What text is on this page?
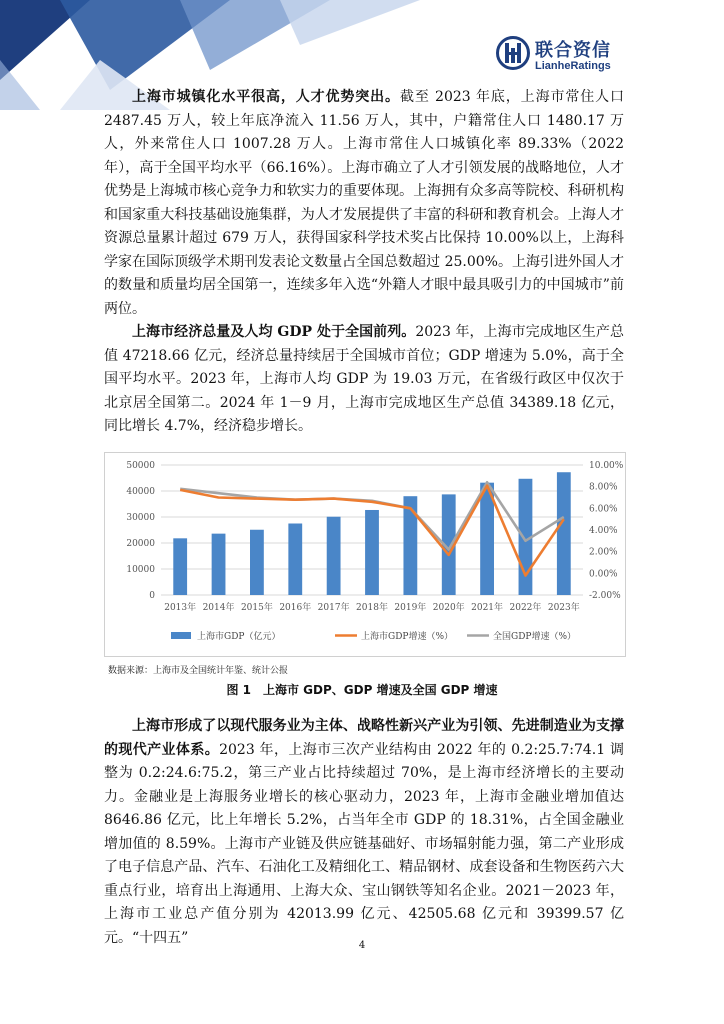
联合资信
LianheRatings

上海市城镇化水平很高，人才优势突出。截至 2023 年底，上海市常住人口 2487.45 万人，较上年底净流入 11.56 万人，其中，户籍常住人口 1480.17 万人，外来常住人口 1007.28 万人。上海市常住人口城镇化率 89.33%（2022 年），高于全国平均水平（66.16%）。上海市确立了人才引领发展的战略地位，人才优势是上海城市核心竞争力和软实力的重要体现。上海拥有众多高等院校、科研机构和国家重大科技基础设施集群，为人才发展提供了丰富的科研和教育机会。上海人才资源总量累计超过 679 万人，获得国家科学技术奖占比保持 10.00%以上，上海科学家在国际顶级学术期刊发表论文数量占全国总数超过 25.00%。上海引进外国人才的数量和质量均居全国第一，连续多年入选“外籍人才眼中最具吸引力的中国城市”前两位。

上海市经济总量及人均 GDP 处于全国前列。2023 年，上海市完成地区生产总值 47218.66 亿元，经济总量持续居于全国城市首位；GDP 增速为 5.0%，高于全国平均水平。2023 年，上海市人均 GDP 为 19.03 万元，在省级行政区中仅次于北京居全国第二。2024 年 1－9 月，上海市完成地区生产总值 34389.18 亿元，同比增长 4.7%，经济稳步增长。

0
10000
20000
30000
40000
50000
-2.00%
0.00%
2.00%
4.00%
6.00%
8.00%
10.00%
2013年 2014年 2015年 2016年 2017年 2018年 2019年 2020年 2021年 2022年 2023年
上海市GDP（亿元）	上海市GDP增速（%）	全国GDP增速（%）
数据来源：上海市及全国统计年鉴、统计公报
图 1　上海市 GDP、GDP 增速及全国 GDP 增速

上海市形成了以现代服务业为主体、战略性新兴产业为引领、先进制造业为支撑的现代产业体系。2023 年，上海市三次产业结构由 2022 年的 0.2:25.7:74.1 调整为 0.2:24.6:75.2，第三产业占比持续超过 70%，是上海市经济增长的主要动力。金融业是上海服务业增长的核心驱动力，2023 年，上海市金融业增加值达 8646.86 亿元，比上年增长 5.2%，占当年全市 GDP 的 18.31%，占全国金融业增加值的 8.59%。上海市产业链及供应链基础好、市场辐射能力强，第二产业形成了电子信息产品、汽车、石油化工及精细化工、精品钢材、成套设备和生物医药六大重点行业，培育出上海通用、上海大众、宝山钢铁等知名企业。2021－2023 年，上海市工业总产值分别为 42013.99 亿元、42505.68 亿元和 39399.57 亿元。“十四五”	4
